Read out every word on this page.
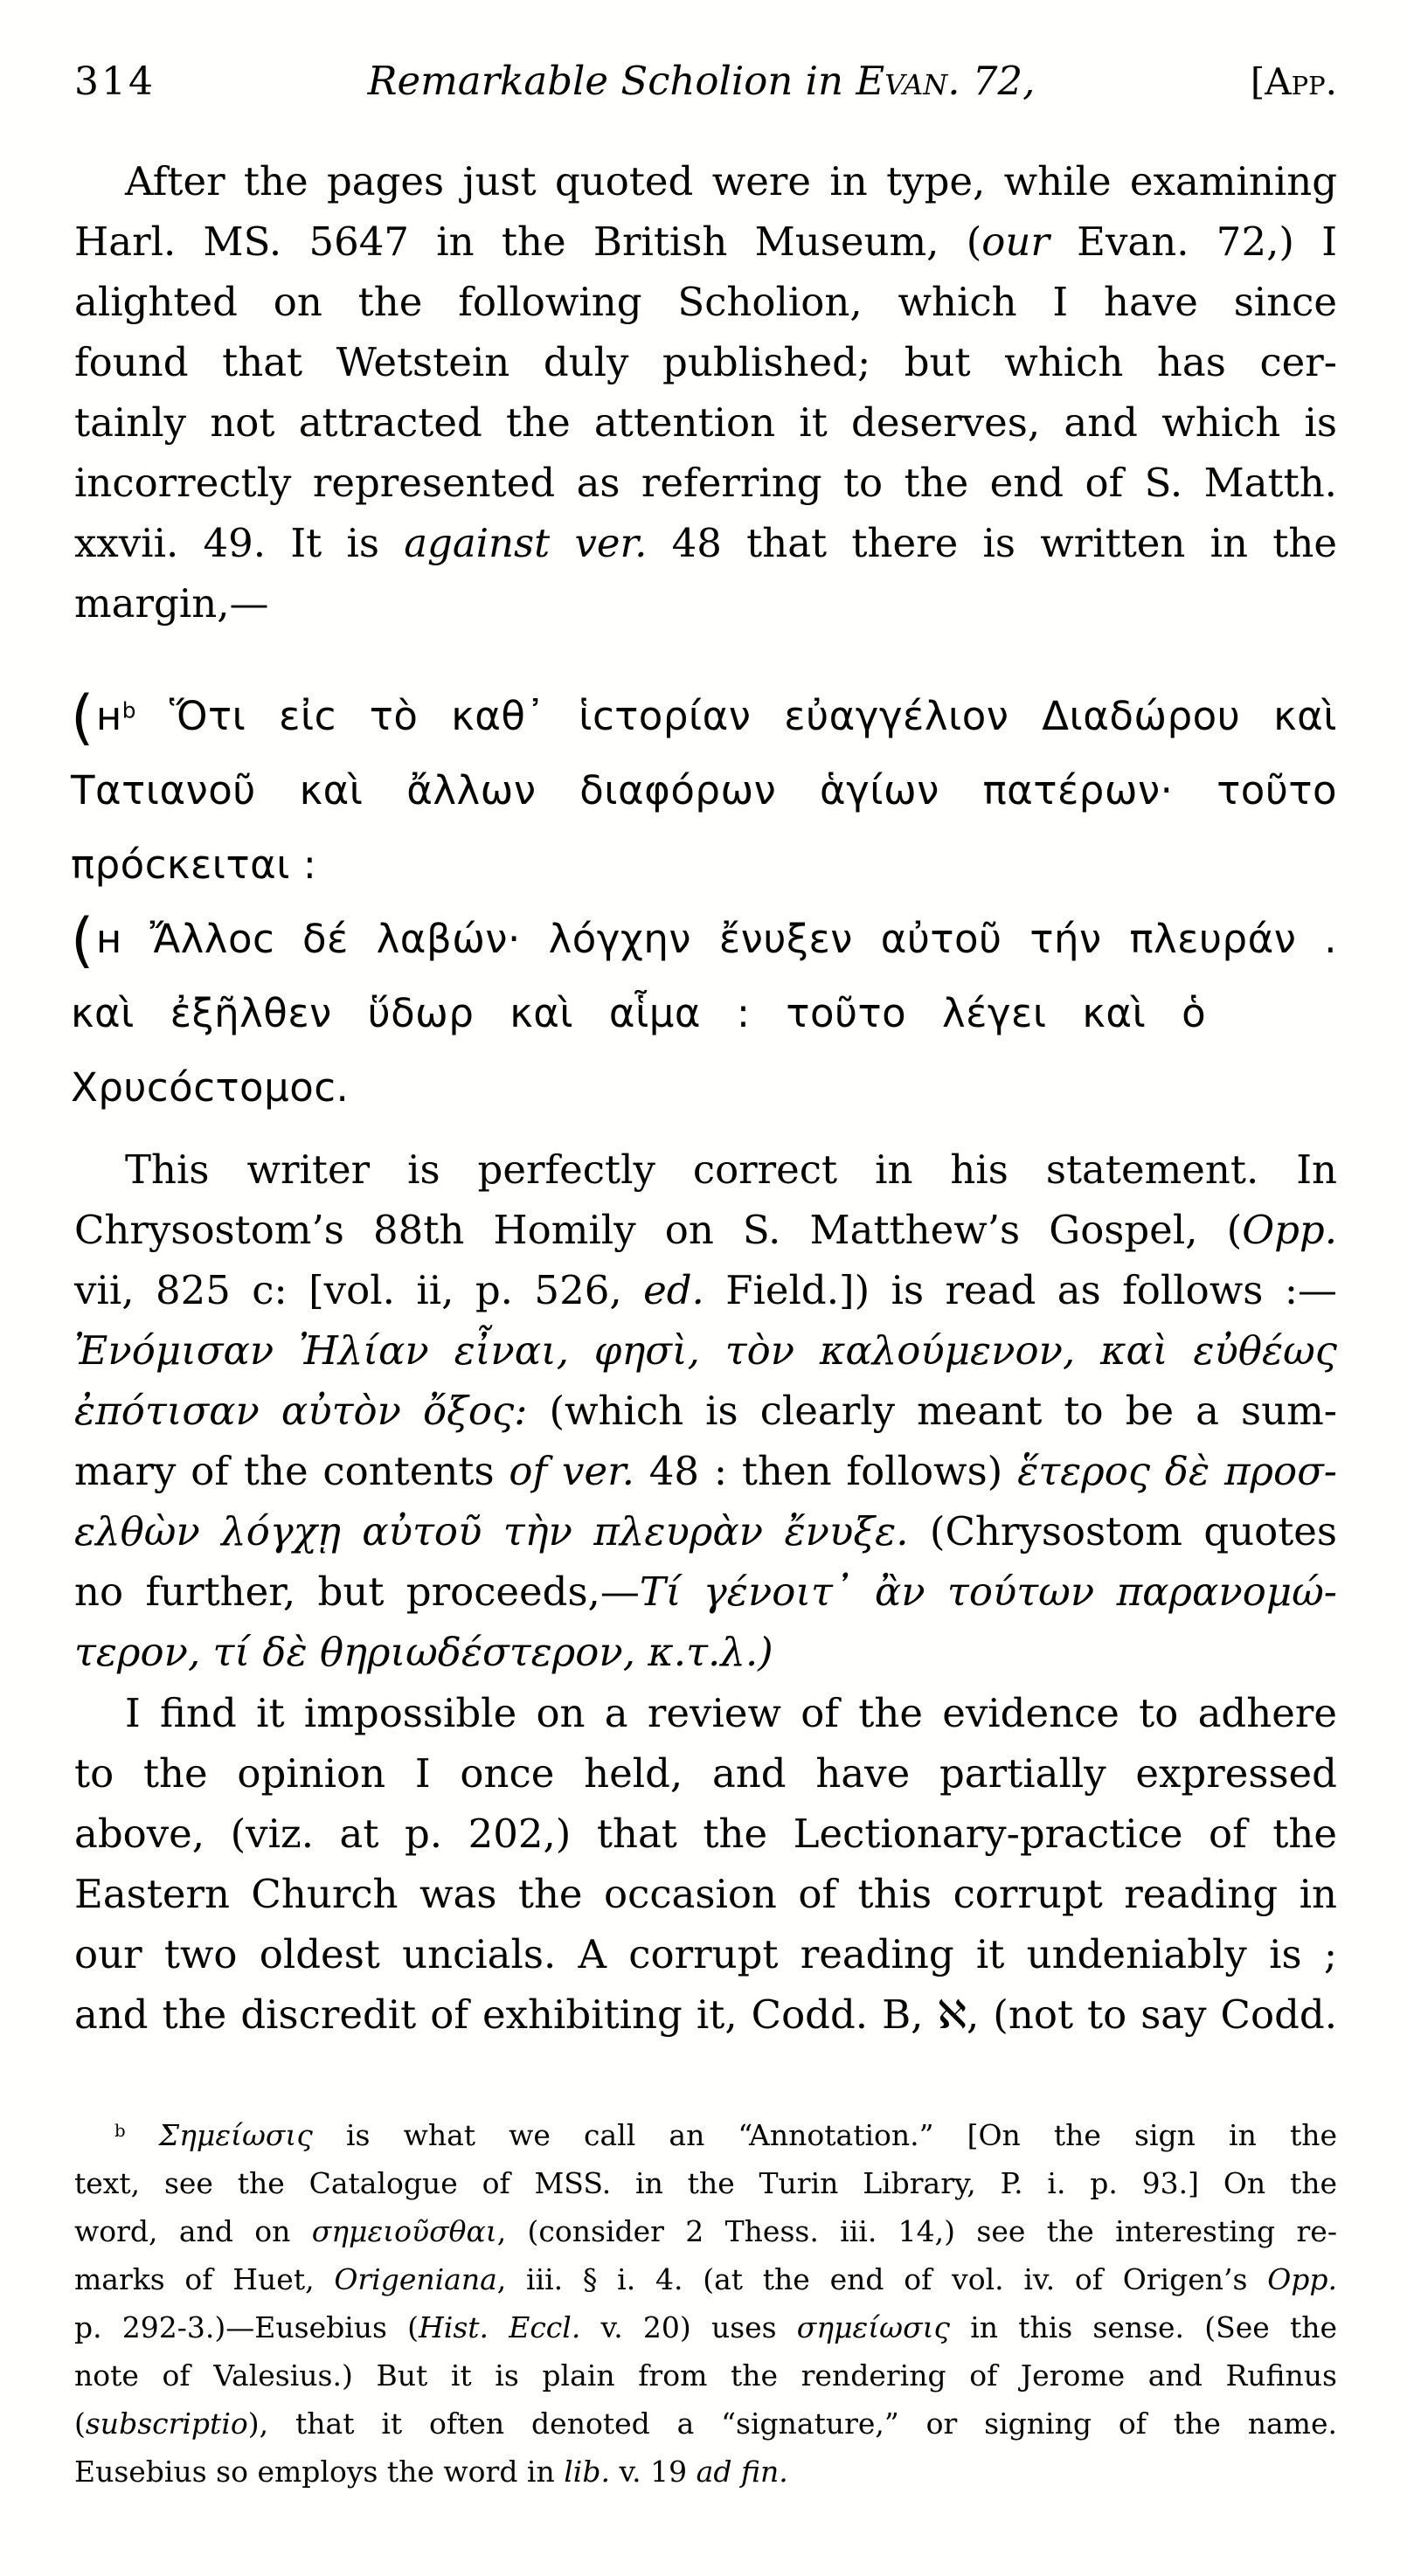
314	Remarkable Scholion in Evan. 72,	[App.
After the pages just quoted were in type, while examining
Harl. MS. 5647 in the British Museum, (our Evan. 72,) I
alighted on the following Scholion, which I have since
found that Wetstein duly published; but which has cer-
tainly not attracted the attention it deserves, and which is
incorrectly represented as referring to the end of S. Matth.
xxvii. 49. It is against ver. 48 that there is written in the
margin,—
(ʜ$^b$ Ὅτι εἰϲ τὸ καθ᾽ ἱϲτορίαν εὐαγγέλιον Διαδώρου καὶ
Τατιανοῦ καὶ ἄλλων διαφόρων ἁγίων πατέρων· τοῦτο
πρόϲκειται :
(ʜ Ἄλλοϲ δέ λαβών· λόγχην ἔνυξεν αὐτοῦ τήν πλευράν .
καὶ ἐξῆλθεν ὕδωρ καὶ αἷμα : τοῦτο λέγει καὶ ὁ
Χρυϲόϲτομοϲ.
This writer is perfectly correct in his statement. In
Chrysostom’s 88th Homily on S. Matthew’s Gospel, (Opp.
vii, 825 c: [vol. ii, p. 526, ed. Field.]) is read as follows :—
Ἐνόμισαν Ἠλίαν εἶναι, φησὶ, τὸν καλούμενον, καὶ εὐθέως
ἐπότισαν αὐτὸν ὄξος: (which is clearly meant to be a sum-
mary of the contents of ver. 48 : then follows) ἕτερος δὲ προσ-
ελθὼν λόγχῃ αὐτοῦ τὴν πλευρὰν ἔνυξε. (Chrysostom quotes
no further, but proceeds,—Τί γένοιτ᾽ ἂν τούτων παρανομώ-
τερον, τί δὲ θηριωδέστερον, κ.τ.λ.)
I find it impossible on a review of the evidence to adhere
to the opinion I once held, and have partially expressed
above, (viz. at p. 202,) that the Lectionary-practice of the
Eastern Church was the occasion of this corrupt reading in
our two oldest uncials. A corrupt reading it undeniably is ;
and the discredit of exhibiting it, Codd. B, ℵ, (not to say Codd.
$^b$ Σημείωσις is what we call an “Annotation.” [On the sign in the
text, see the Catalogue of MSS. in the Turin Library, P. i. p. 93.] On the
word, and on σημειοῦσθαι, (consider 2 Thess. iii. 14,) see the interesting re-
marks of Huet, Origeniana, iii. § i. 4. (at the end of vol. iv. of Origen’s Opp.
p. 292-3.)—Eusebius (Hist. Eccl. v. 20) uses σημείωσις in this sense. (See the
note of Valesius.) But it is plain from the rendering of Jerome and Rufinus
(subscriptio), that it often denoted a “signature,” or signing of the name.
Eusebius so employs the word in lib. v. 19 ad fin.
